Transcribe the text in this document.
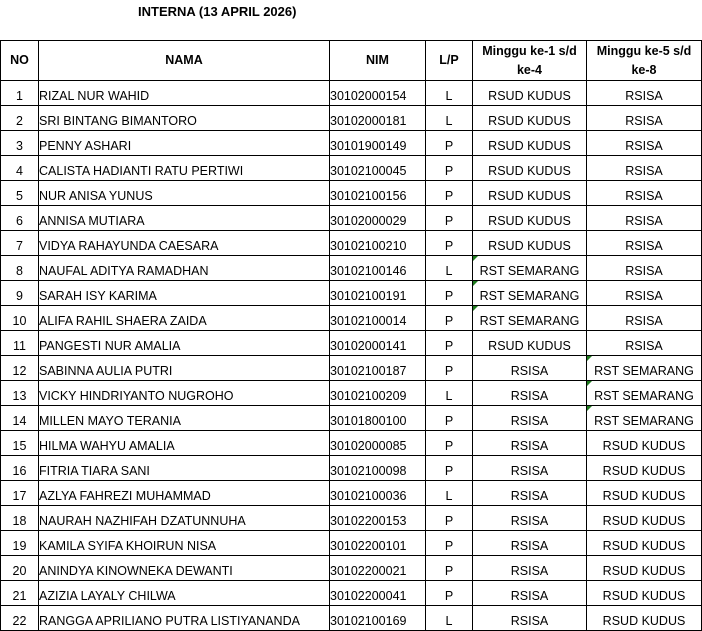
INTERNA (13 APRIL 2026)
NO	NAMA	NIM	L/P	Minggu ke-1 s/d ke-4	Minggu ke-5 s/d ke-8
1	RIZAL NUR WAHID	30102000154	L	RSUD KUDUS	RSISA
2	SRI BINTANG BIMANTORO	30102000181	L	RSUD KUDUS	RSISA
3	PENNY ASHARI	30101900149	P	RSUD KUDUS	RSISA
4	CALISTA HADIANTI RATU PERTIWI	30102100045	P	RSUD KUDUS	RSISA
5	NUR ANISA YUNUS	30102100156	P	RSUD KUDUS	RSISA
6	ANNISA MUTIARA	30102000029	P	RSUD KUDUS	RSISA
7	VIDYA RAHAYUNDA CAESARA	30102100210	P	RSUD KUDUS	RSISA
8	NAUFAL ADITYA RAMADHAN	30102100146	L	RST SEMARANG	RSISA
9	SARAH ISY KARIMA	30102100191	P	RST SEMARANG	RSISA
10	ALIFA RAHIL SHAERA ZAIDA	30102100014	P	RST SEMARANG	RSISA
11	PANGESTI NUR AMALIA	30102000141	P	RSUD KUDUS	RSISA
12	SABINNA AULIA PUTRI	30102100187	P	RSISA	RST SEMARANG
13	VICKY HINDRIYANTO NUGROHO	30102100209	L	RSISA	RST SEMARANG
14	MILLEN MAYO TERANIA	30101800100	P	RSISA	RST SEMARANG
15	HILMA WAHYU AMALIA	30102000085	P	RSISA	RSUD KUDUS
16	FITRIA TIARA SANI	30102100098	P	RSISA	RSUD KUDUS
17	AZLYA FAHREZI MUHAMMAD	30102100036	L	RSISA	RSUD KUDUS
18	NAURAH NAZHIFAH DZATUNNUHA	30102200153	P	RSISA	RSUD KUDUS
19	KAMILA SYIFA KHOIRUN NISA	30102200101	P	RSISA	RSUD KUDUS
20	ANINDYA KINOWNEKA DEWANTI	30102200021	P	RSISA	RSUD KUDUS
21	AZIZIA LAYALY CHILWA	30102200041	P	RSISA	RSUD KUDUS
22	RANGGA APRILIANO PUTRA LISTIYANANDA	30102100169	L	RSISA	RSUD KUDUS
